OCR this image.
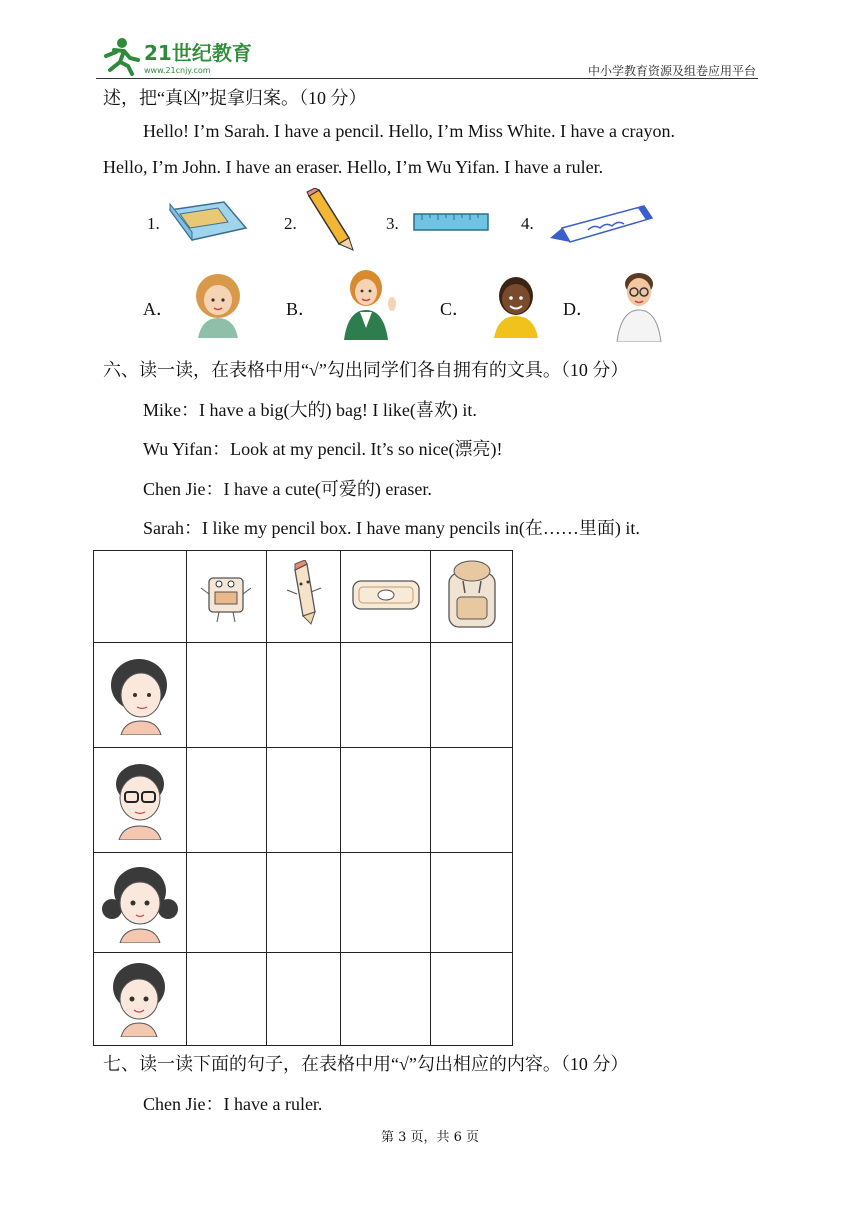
21世纪教育
www.21cnjy.com	中小学教育资源及组卷应用平台
述，把“真凶”捉拿归案。（10 分）
Hello! I’m Sarah. I have a pencil. Hello, I’m Miss White. I have a crayon.
Hello, I’m John. I have an eraser. Hello, I’m Wu Yifan. I have a ruler.
1.	2.	3.	4.
A．	B．	C．	D．
六、读一读，在表格中用“√”勾出同学们各自拥有的文具。（10 分）
Mike：I have a big(大的) bag! I like(喜欢) it.
Wu Yifan：Look at my pencil. It’s so nice(漂亮)!
Chen Jie：I have a cute(可爱的) eraser.
Sarah：I like my pencil box. I have many pencils in(在……里面) it.

七、读一读下面的句子，在表格中用“√”勾出相应的内容。（10 分）
Chen Jie：I have a ruler.
第 3 页，共 6 页
